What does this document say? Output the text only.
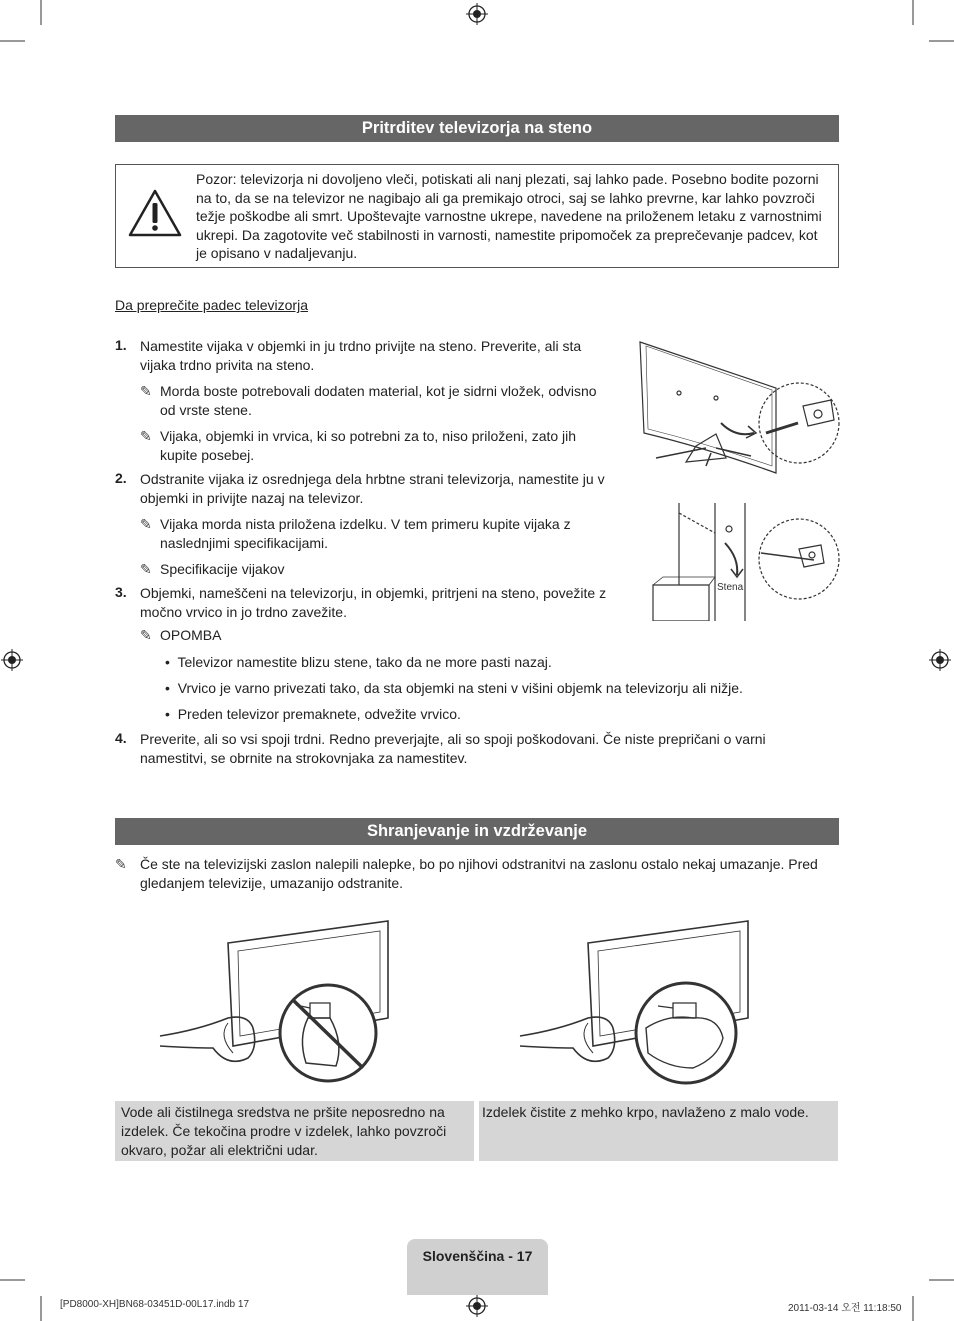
Pritrditev televizorja na steno
Pozor: televizorja ni dovoljeno vleči, potiskati ali nanj plezati, saj lahko pade. Posebno bodite pozorni na to, da se na televizor ne nagibajo ali ga premikajo otroci, saj se lahko prevrne, kar lahko povzroči težje poškodbe ali smrt. Upoštevajte varnostne ukrepe, navedene na priloženem letaku z varnostnimi ukrepi. Da zagotovite več stabilnosti in varnosti, namestite pripomoček za preprečevanje padcev, kot je opisano v nadaljevanju.
Da preprečite padec televizorja
1. Namestite vijaka v objemki in ju trdno privijte na steno. Preverite, ali sta vijaka trdno privita na steno.
✎ Morda boste potrebovali dodaten material, kot je sidrni vložek, odvisno od vrste stene.
✎ Vijaka, objemki in vrvica, ki so potrebni za to, niso priloženi, zato jih kupite posebej.
2. Odstranite vijaka iz osrednjega dela hrbtne strani televizorja, namestite ju v objemki in privijte nazaj na televizor.
✎ Vijaka morda nista priložena izdelku. V tem primeru kupite vijaka z naslednjimi specifikacijami.
✎ Specifikacije vijakov
3. Objemki, nameščeni na televizorju, in objemki, pritrjeni na steno, povežite z močno vrvico in jo trdno zavežite.
✎ OPOMBA
•  Televizor namestite blizu stene, tako da ne more pasti nazaj.
•  Vrvico je varno privezati tako, da sta objemki na steni v višini objemk na televizorju ali nižje.
•  Preden televizor premaknete, odvežite vrvico.
4. Preverite, ali so vsi spoji trdni. Redno preverjajte, ali so spoji poškodovani. Če niste prepričani o varni namestitvi, se obrnite na strokovnjaka za namestitev.
Stena
Shranjevanje in vzdrževanje
✎ Če ste na televizijski zaslon nalepili nalepke, bo po njihovi odstranitvi na zaslonu ostalo nekaj umazanje. Pred gledanjem televizije, umazanijo odstranite.
Vode ali čistilnega sredstva ne pršite neposredno na izdelek. Če tekočina prodre v izdelek, lahko povzroči okvaro, požar ali električni udar.
Izdelek čistite z mehko krpo, navlaženo z malo vode.
Slovenščina - 17
[PD8000-XH]BN68-03451D-00L17.indb 17	2011-03-14 오전 11:18:50
